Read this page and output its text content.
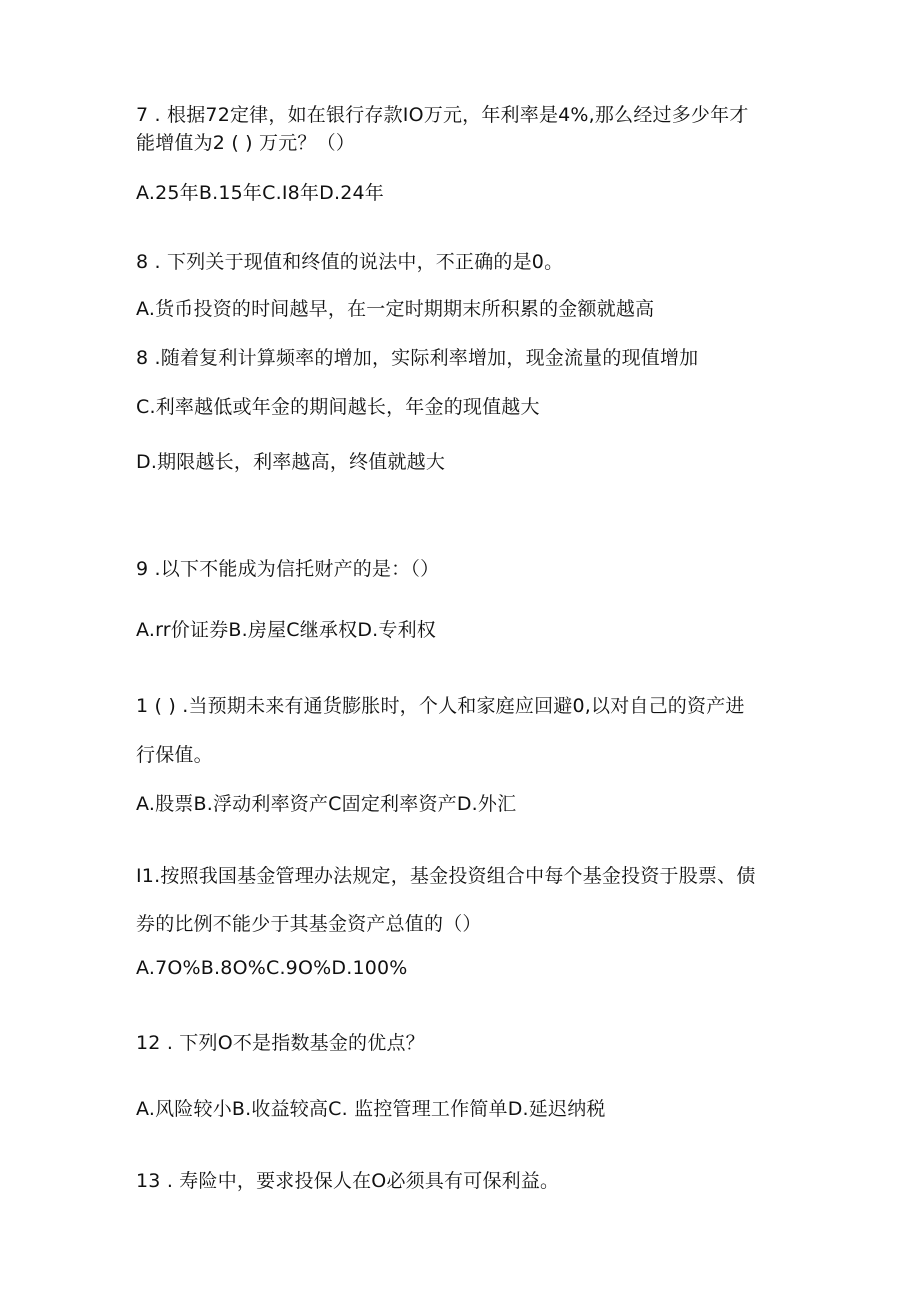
7 . 根据72定律，如在银行存款IO万元，年利率是4%,那么经过多少年才
能增值为2 ( ) 万元？（）
A.25年B.15年C.I8年D.24年
8 . 下列关于现值和终值的说法中，不正确的是0。
A.货币投资的时间越早，在一定时期期末所积累的金额就越高
8 .随着复利计算频率的增加，实际利率增加，现金流量的现值增加
C.利率越低或年金的期间越长，年金的现值越大
D.期限越长，利率越高，终值就越大
9 .以下不能成为信托财产的是：（）
A.rr价证券B.房屋C继承权D.专利权
1 ( ) .当预期未来有通货膨胀时，个人和家庭应回避0,以对自己的资产进
行保值。
A.股票B.浮动利率资产C固定利率资产D.外汇
I1.按照我国基金管理办法规定，基金投资组合中每个基金投资于股票、债
券的比例不能少于其基金资产总值的（）
A.7O%B.8O%C.9O%D.100%
12 . 下列O不是指数基金的优点？
A.风险较小B.收益较高C. 监控管理工作简单D.延迟纳税
13 . 寿险中，要求投保人在O必须具有可保利益。
